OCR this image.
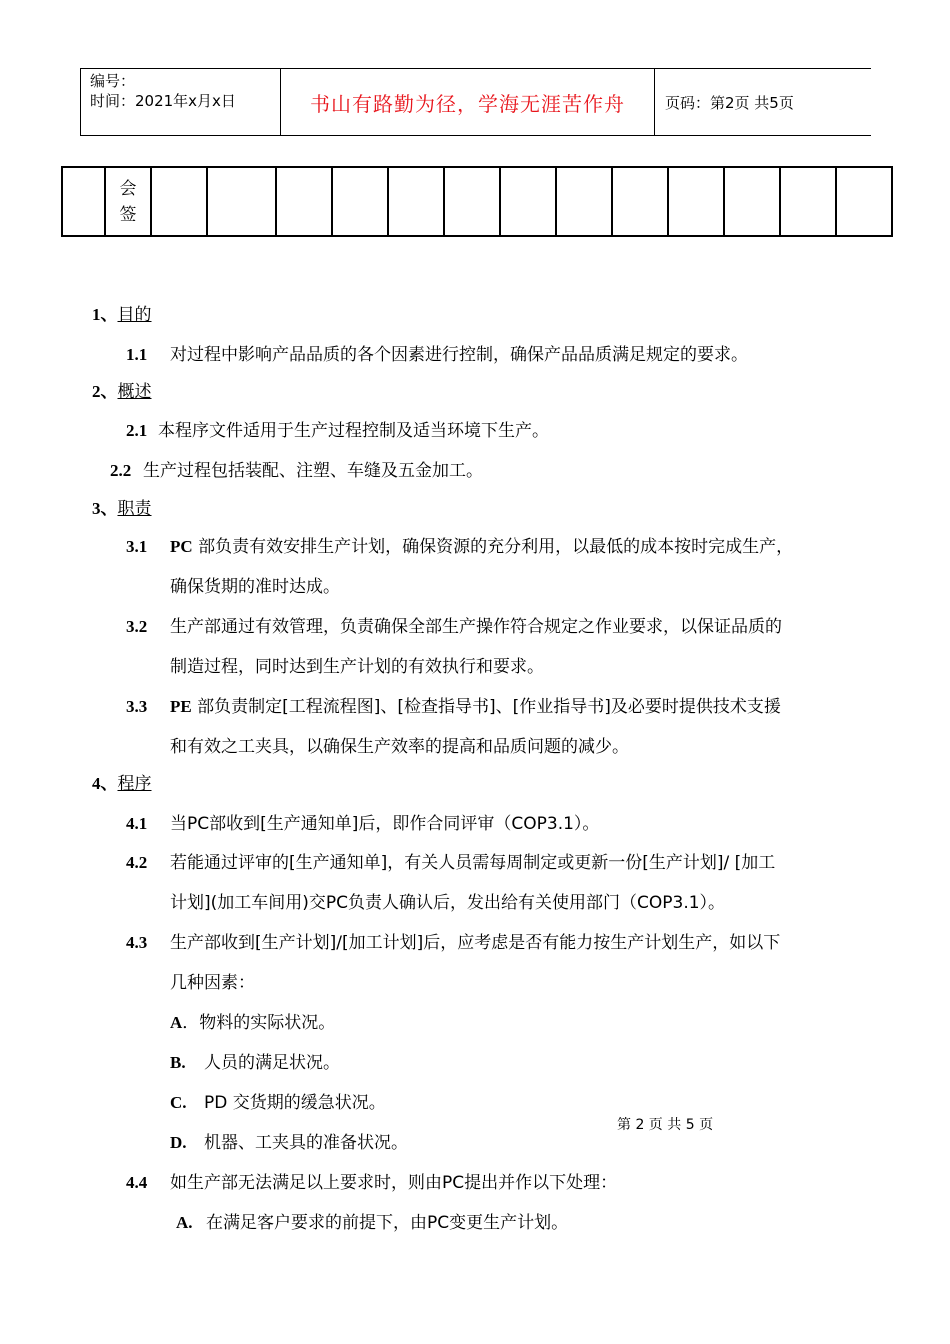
编号：
时间：2021年x月x日	书山有路勤为径，学海无涯苦作舟	页码：第2页 共5页

会
签

1、目的
1.1 对过程中影响产品品质的各个因素进行控制，确保产品品质满足规定的要求。
2、概述
2.1 本程序文件适用于生产过程控制及适当环境下生产。
2.2 生产过程包括装配、注塑、车缝及五金加工。
3、职责
3.1 PC 部负责有效安排生产计划，确保资源的充分利用，以最低的成本按时完成生产，
确保货期的准时达成。
3.2 生产部通过有效管理，负责确保全部生产操作符合规定之作业要求，以保证品质的
制造过程，同时达到生产计划的有效执行和要求。
3.3 PE 部负责制定[工程流程图]、[检查指导书]、[作业指导书]及必要时提供技术支援
和有效之工夹具，以确保生产效率的提高和品质问题的减少。
4、程序
4.1 当PC部收到[生产通知单]后，即作合同评审（COP3.1）。
4.2 若能通过评审的[生产通知单]，有关人员需每周制定或更新一份[生产计划]/ [加工
计划](加工车间用)交PC负责人确认后，发出给有关使用部门（COP3.1）。
4.3 生产部收到[生产计划]/[加工计划]后，应考虑是否有能力按生产计划生产，如以下
几种因素：
A．物料的实际状况。
B. 人员的满足状况。
C. PD 交货期的缓急状况。
D. 机器、工夹具的准备状况。
4.4 如生产部无法满足以上要求时，则由PC提出并作以下处理：
A. 在满足客户要求的前提下，由PC变更生产计划。
第 2 页 共 5 页
